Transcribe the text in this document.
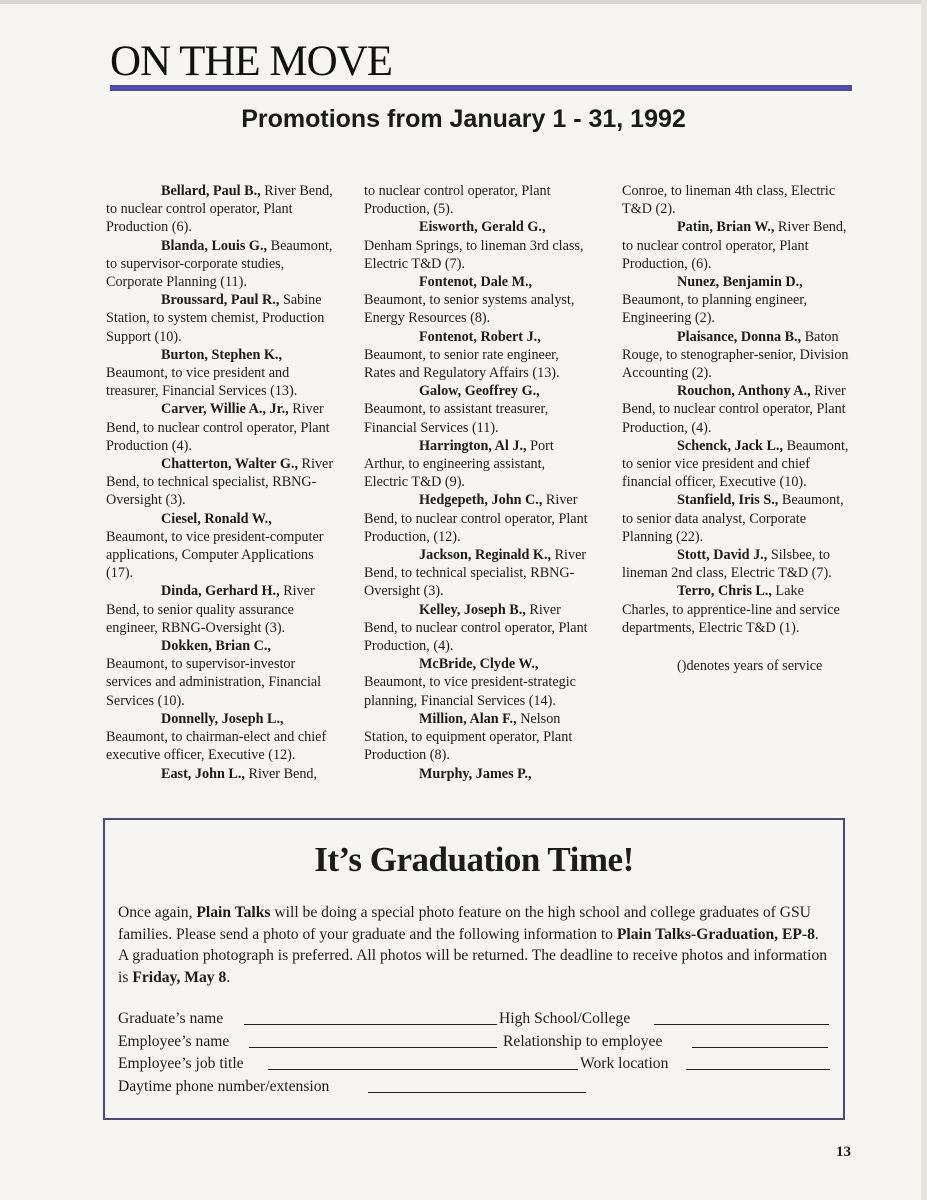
ON THE MOVE
Promotions from January 1 - 31, 1992
Bellard, Paul B., River Bend, to nuclear control operator, Plant Production (6).
Blanda, Louis G., Beaumont, to supervisor-corporate studies, Corporate Planning (11).
Broussard, Paul R., Sabine Station, to system chemist, Production Support (10).
Burton, Stephen K., Beaumont, to vice president and treasurer, Financial Services (13).
Carver, Willie A., Jr., River Bend, to nuclear control operator, Plant Production (4).
Chatterton, Walter G., River Bend, to technical specialist, RBNG-Oversight (3).
Ciesel, Ronald W., Beaumont, to vice president-computer applications, Computer Applications (17).
Dinda, Gerhard H., River Bend, to senior quality assurance engineer, RBNG-Oversight (3).
Dokken, Brian C., Beaumont, to supervisor-investor services and administration, Financial Services (10).
Donnelly, Joseph L., Beaumont, to chairman-elect and chief executive officer, Executive (12).
East, John L., River Bend,
to nuclear control operator, Plant Production, (5).
Eisworth, Gerald G., Denham Springs, to lineman 3rd class, Electric T&D (7).
Fontenot, Dale M., Beaumont, to senior systems analyst, Energy Resources (8).
Fontenot, Robert J., Beaumont, to senior rate engineer, Rates and Regulatory Affairs (13).
Galow, Geoffrey G., Beaumont, to assistant treasurer, Financial Services (11).
Harrington, Al J., Port Arthur, to engineering assistant, Electric T&D (9).
Hedgepeth, John C., River Bend, to nuclear control operator, Plant Production, (12).
Jackson, Reginald K., River Bend, to technical specialist, RBNG-Oversight (3).
Kelley, Joseph B., River Bend, to nuclear control operator, Plant Production, (4).
McBride, Clyde W., Beaumont, to vice president-strategic planning, Financial Services (14).
Million, Alan F., Nelson Station, to equipment operator, Plant Production (8).
Murphy, James P.,
Conroe, to lineman 4th class, Electric T&D (2).
Patin, Brian W., River Bend, to nuclear control operator, Plant Production, (6).
Nunez, Benjamin D., Beaumont, to planning engineer, Engineering (2).
Plaisance, Donna B., Baton Rouge, to stenographer-senior, Division Accounting (2).
Rouchon, Anthony A., River Bend, to nuclear control operator, Plant Production, (4).
Schenck, Jack L., Beaumont, to senior vice president and chief financial officer, Executive (10).
Stanfield, Iris S., Beaumont, to senior data analyst, Corporate Planning (22).
Stott, David J., Silsbee, to lineman 2nd class, Electric T&D (7).
Terro, Chris L., Lake Charles, to apprentice-line and service departments, Electric T&D (1).
()denotes years of service
It’s Graduation Time!
Once again, Plain Talks will be doing a special photo feature on the high school and college graduates of GSU families. Please send a photo of your graduate and the following information to Plain Talks-Graduation, EP-8. A graduation photograph is preferred. All photos will be returned. The deadline to receive photos and information is Friday, May 8.
Graduate’s name	High School/College
Employee’s name	Relationship to employee
Employee’s job title	Work location
Daytime phone number/extension
13
